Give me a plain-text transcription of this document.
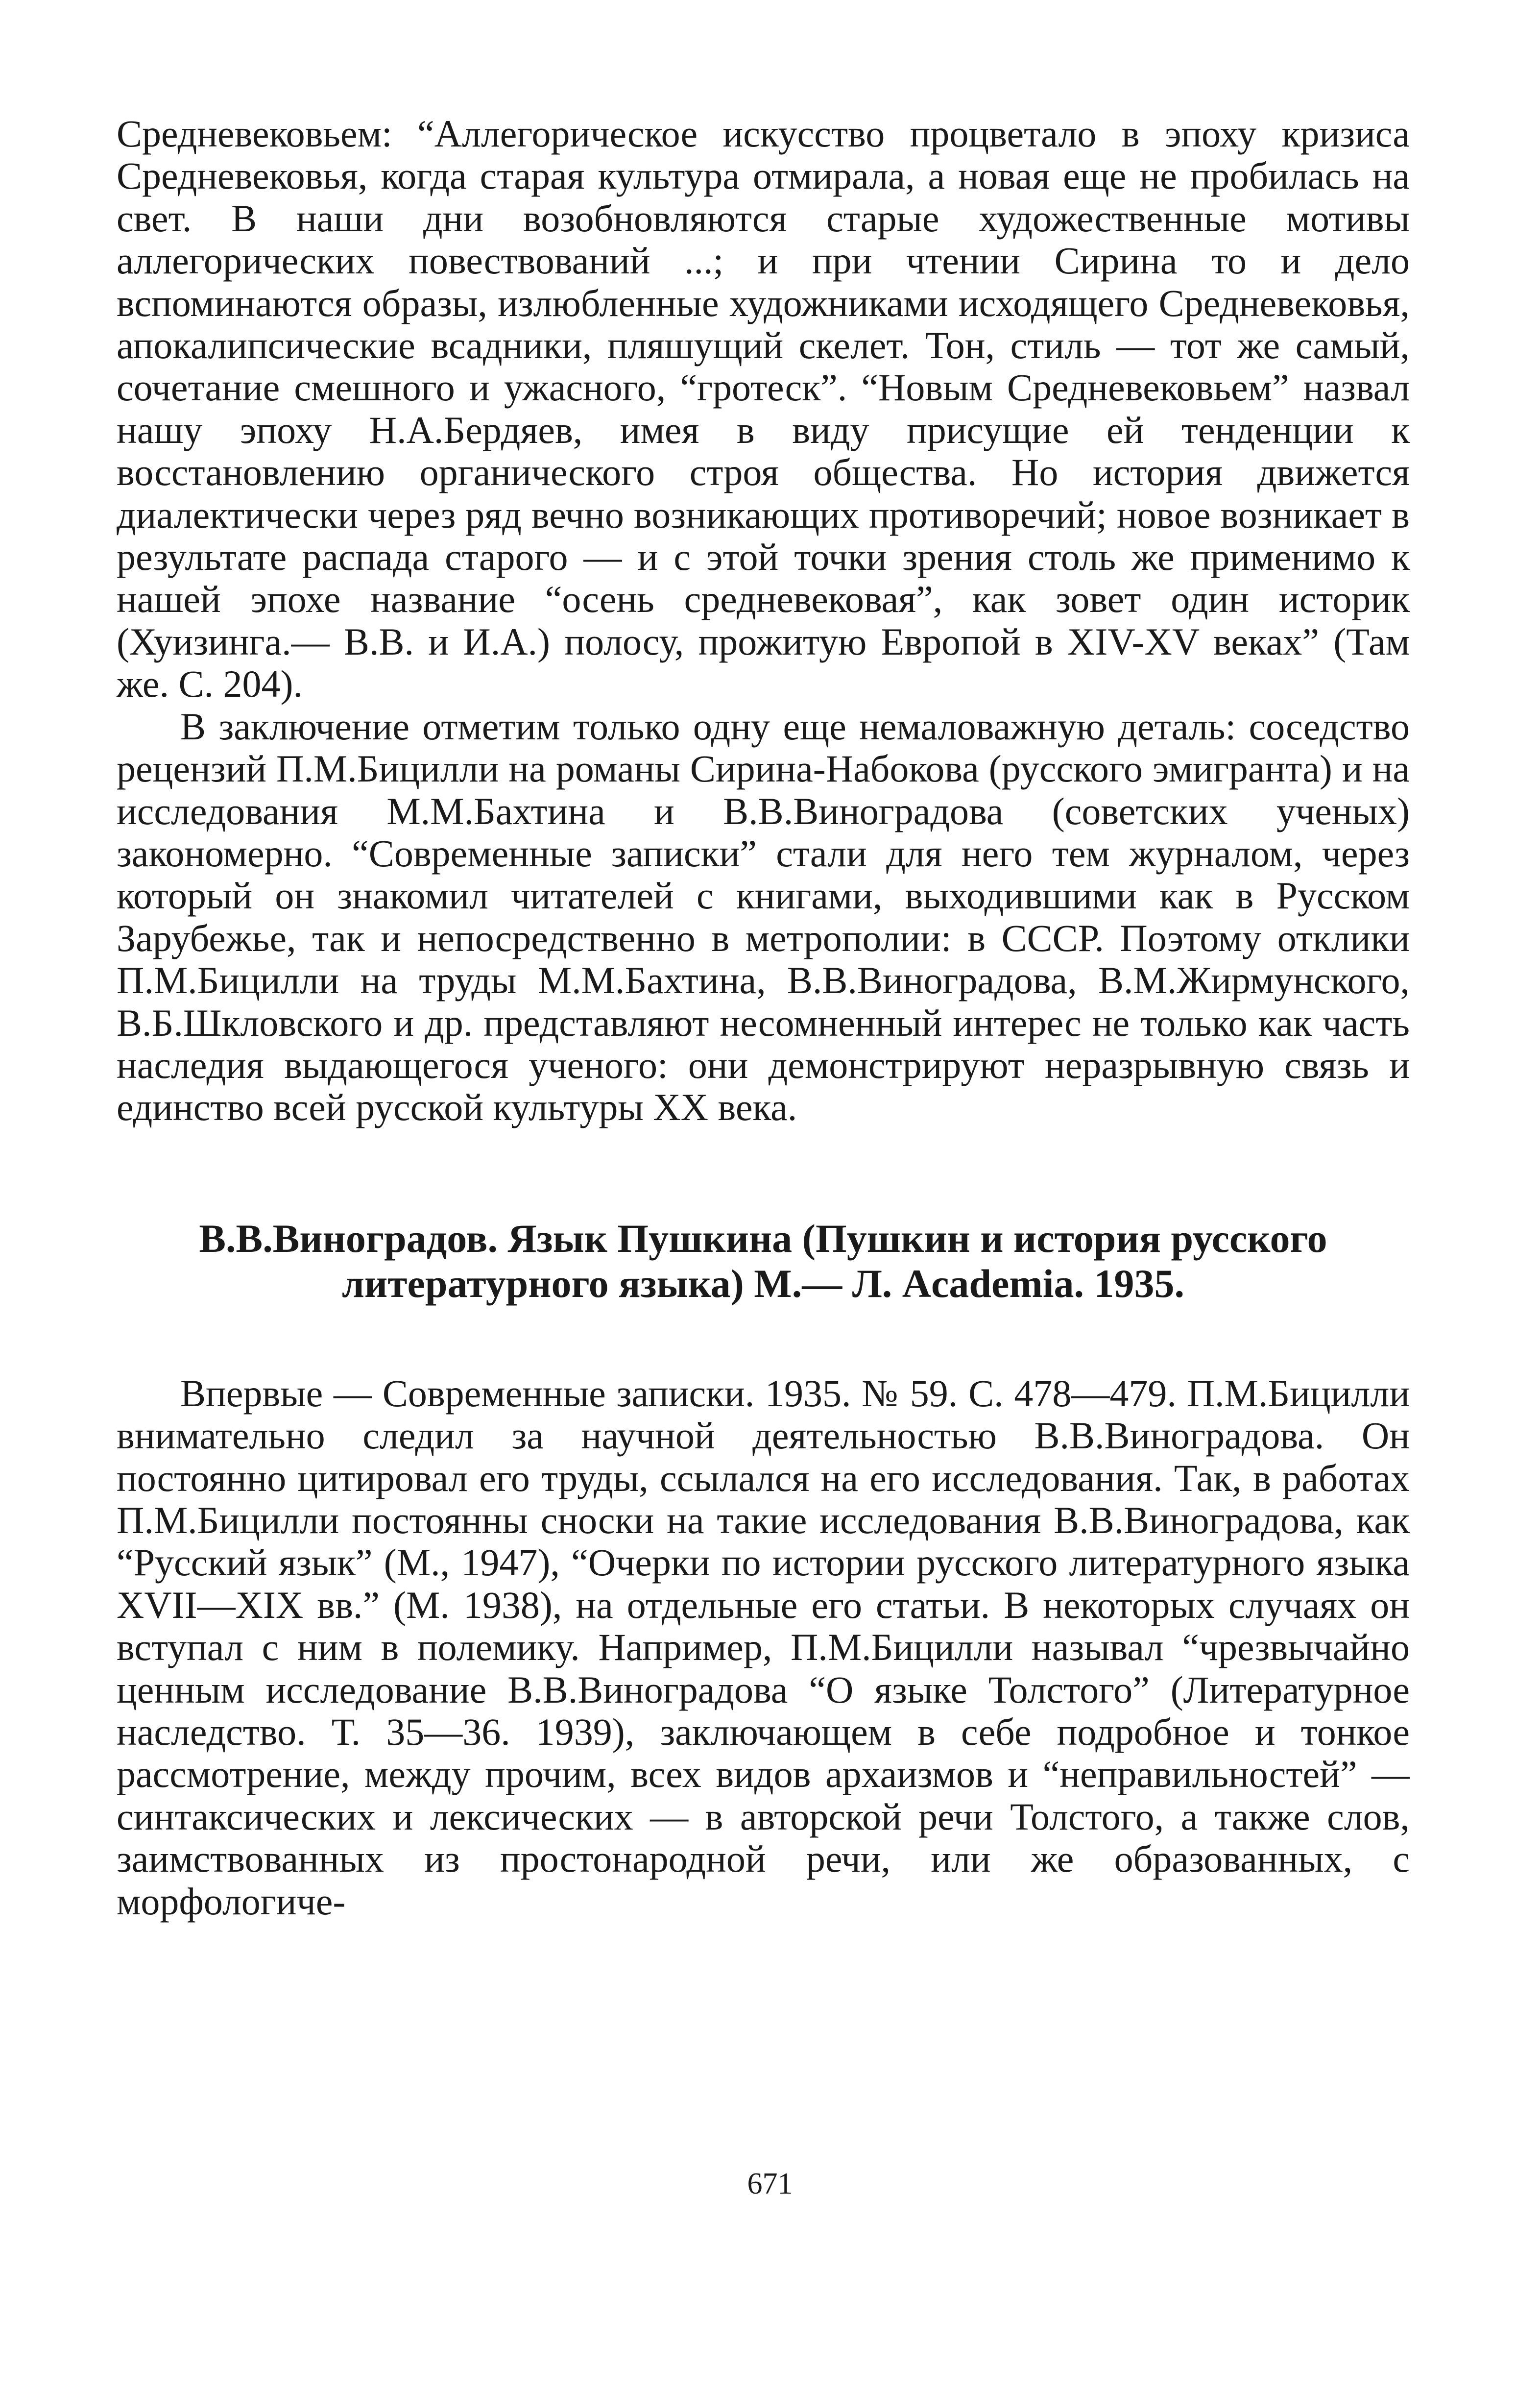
Средневековьем: “Аллегорическое искусство процветало в эпоху кризиса Средневековья, когда старая культура отмирала, а новая еще не пробилась на свет. В наши дни возобновляются старые художественные мотивы аллегорических повествований ...; и при чтении Сирина то и дело вспоминаются образы, излюбленные художниками исходящего Средневековья, апокалипсические всадники, пляшущий скелет. Тон, стиль — тот же самый, сочетание смешного и ужасного, “гротеск”. “Новым Средневековьем” назвал нашу эпоху Н.А.Бердяев, имея в виду присущие ей тенденции к восстановлению органического строя общества. Но история движется диалектически через ряд вечно возникающих противоречий; новое возникает в результате распада старого — и с этой точки зрения столь же применимо к нашей эпохе название “осень средневековая”, как зовет один историк (Хуизинга.— В.В. и И.А.) полосу, прожитую Европой в XIV-XV веках” (Там же. С. 204).

В заключение отметим только одну еще немаловажную деталь: соседство рецензий П.М.Бицилли на романы Сирина-Набокова (русского эмигранта) и на исследования М.М.Бахтина и В.В.Виноградова (советских ученых) закономерно. “Современные записки” стали для него тем журналом, через который он знакомил читателей с книгами, выходившими как в Русском Зарубежье, так и непосредственно в метрополии: в СССР. Поэтому отклики П.М.Бицилли на труды М.М.Бахтина, В.В.Виноградова, В.М.Жирмунского, В.Б.Шкловского и др. представляют несомненный интерес не только как часть наследия выдающегося ученого: они демонстрируют неразрывную связь и единство всей русской культуры XX века.

В.В.Виноградов. Язык Пушкина (Пушкин и история русского литературного языка) М.— Л. Academia. 1935.

Впервые — Современные записки. 1935. № 59. С. 478—479. П.М.Бицилли внимательно следил за научной деятельностью В.В.Виноградова. Он постоянно цитировал его труды, ссылался на его исследования. Так, в работах П.М.Бицилли постоянны сноски на такие исследования В.В.Виноградова, как “Русский язык” (М., 1947), “Очерки по истории русского литературного языка XVII—XIX вв.” (М. 1938), на отдельные его статьи. В некоторых случаях он вступал с ним в полемику. Например, П.М.Бицилли называл “чрезвычайно ценным исследование В.В.Виноградова “О языке Толстого” (Литературное наследство. Т. 35—36. 1939), заключающем в себе подробное и тонкое рассмотрение, между прочим, всех видов архаизмов и “неправильностей” — синтаксических и лексических — в авторской речи Толстого, а также слов, заимствованных из простонародной речи, или же образованных, с морфологиче-

671
